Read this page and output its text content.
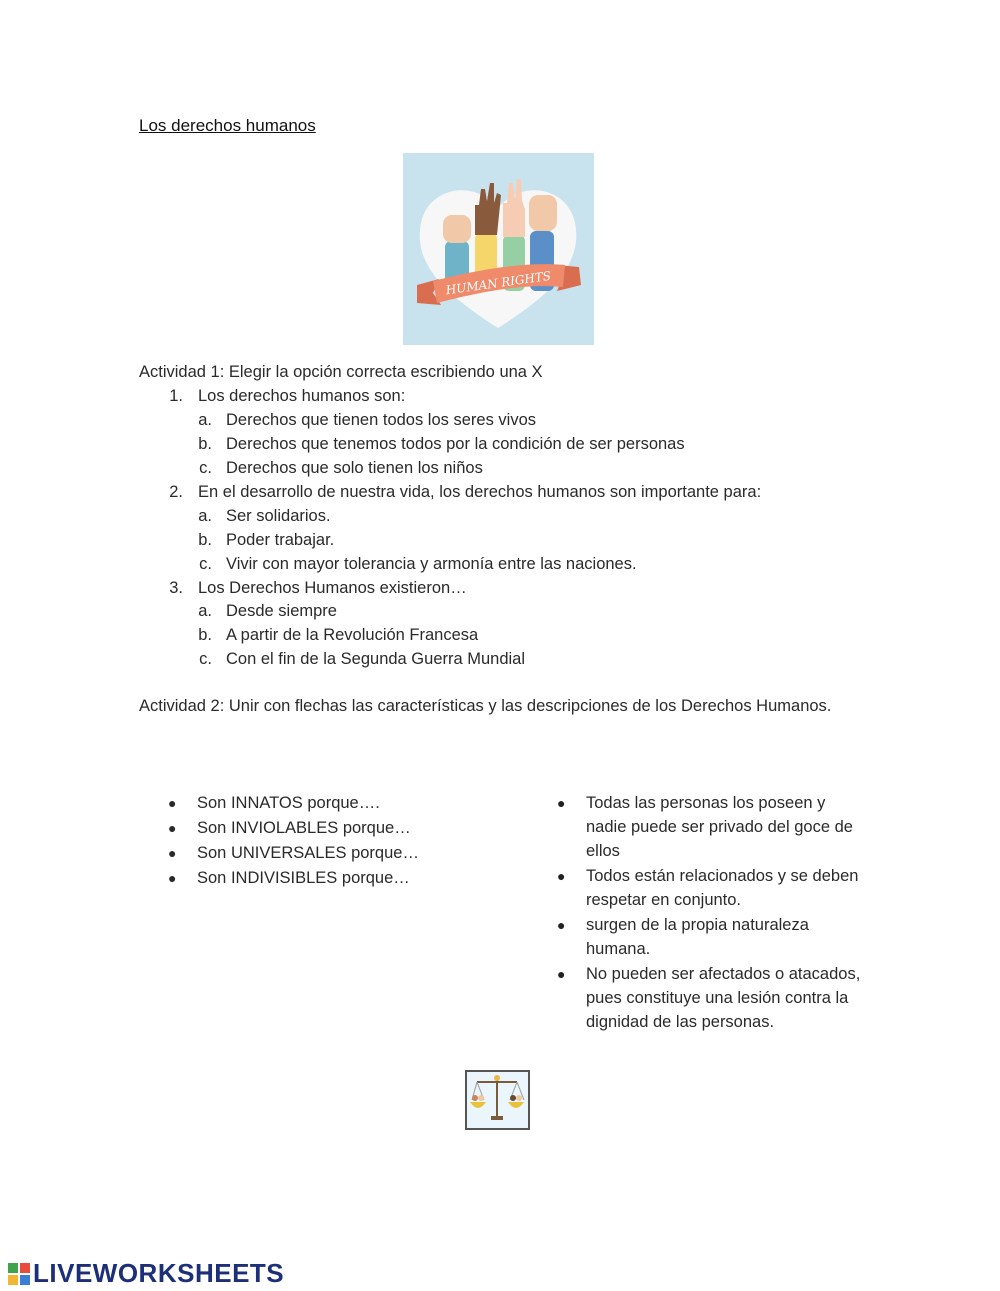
Los derechos humanos
HUMAN RIGHTS
Actividad 1: Elegir la opción correcta escribiendo una X
1. Los derechos humanos son:
a. Derechos que tienen todos los seres vivos
b. Derechos que tenemos todos por la condición de ser personas
c. Derechos que solo tienen los niños
2. En el desarrollo de nuestra vida, los derechos humanos son importante para:
a. Ser solidarios.
b. Poder trabajar.
c. Vivir con mayor tolerancia y armonía entre las naciones.
3. Los Derechos Humanos existieron…
a. Desde siempre
b. A partir de la Revolución Francesa
c. Con el fin de la Segunda Guerra Mundial
Actividad 2: Unir con flechas las características y las descripciones de los Derechos Humanos.
● Son INNATOS porque….
● Son INVIOLABLES porque…
● Son UNIVERSALES porque…
● Son INDIVISIBLES porque…
● Todas las personas los poseen y nadie puede ser privado del goce de ellos
● Todos están relacionados y se deben respetar en conjunto.
● surgen de la propia naturaleza humana.
● No pueden ser afectados o atacados, pues constituye una lesión contra la dignidad de las personas.
LIVEWORKSHEETS
